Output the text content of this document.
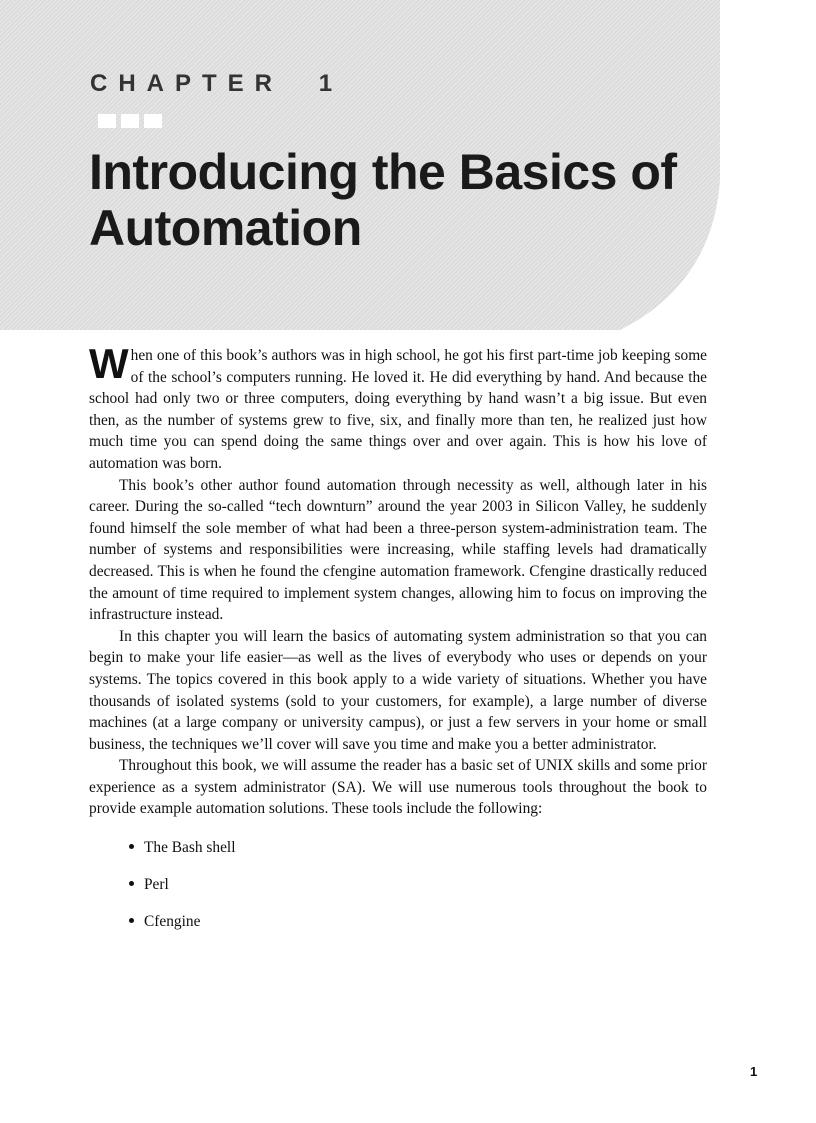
CHAPTER 1
Introducing the Basics of Automation

When one of this book’s authors was in high school, he got his first part-time job keeping some of the school’s computers running. He loved it. He did everything by hand. And because the school had only two or three computers, doing everything by hand wasn’t a big issue. But even then, as the number of systems grew to five, six, and finally more than ten, he realized just how much time you can spend doing the same things over and over again. This is how his love of automation was born.

This book’s other author found automation through necessity as well, although later in his career. During the so-called “tech downturn” around the year 2003 in Silicon Valley, he suddenly found himself the sole member of what had been a three-person system-administration team. The number of systems and responsibilities were increasing, while staffing levels had dramatically decreased. This is when he found the cfengine automation framework. Cfengine drastically reduced the amount of time required to implement system changes, allowing him to focus on improving the infrastructure instead.

In this chapter you will learn the basics of automating system administration so that you can begin to make your life easier—as well as the lives of everybody who uses or depends on your systems. The topics covered in this book apply to a wide variety of situations. Whether you have thousands of isolated systems (sold to your customers, for example), a large number of diverse machines (at a large company or university campus), or just a few servers in your home or small business, the techniques we’ll cover will save you time and make you a better administrator.

Throughout this book, we will assume the reader has a basic set of UNIX skills and some prior experience as a system administrator (SA). We will use numerous tools throughout the book to provide example automation solutions. These tools include the following:

The Bash shell
Perl
Cfengine
1
